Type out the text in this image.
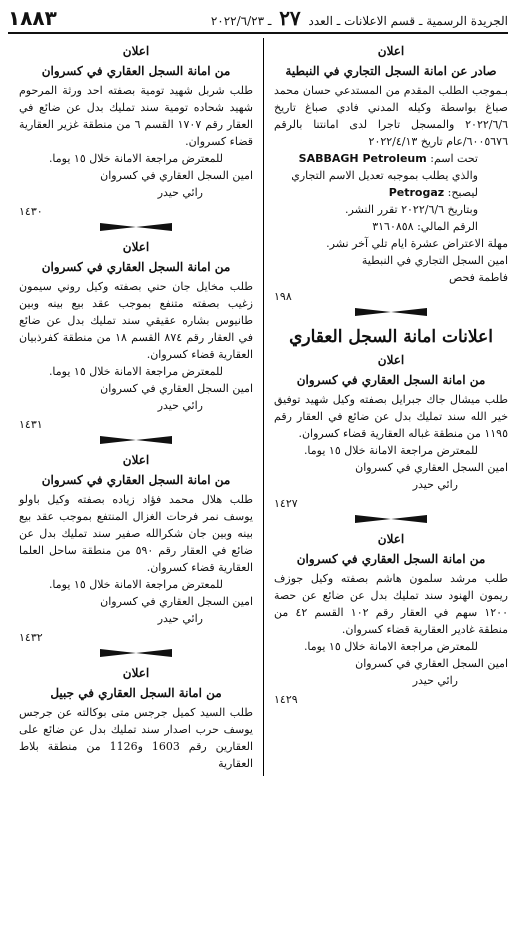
الجريدة الرسمية ـ قسم الاعلانات ـ العدد ٢٧ ـ ٢٠٢٢/٦/٢٣
١٨٨٣
اعلان
صادر عن امانة السجل التجاري في النبطية

بـموجب الطلب المقدم من المستدعي حسان محمد صباغ بواسطة وكيله المدني فادي صباغ تاريخ ٢٠٢٢/٦/٦ والمسجل تاجرا لدى امانتنا بالرقم ٦٠٠٥٦٧٦/عام تاريخ ٢٠٢٢/٤/١٣

تحت اسم: SABBAGH Petroleum

والذي يطلب بموجبه تعديل الاسم التجاري

ليصبح: Petrogaz

وبتاريخ ٢٠٢٢/٦/٦ تقرر النشر.

الرقم المالي: ٣١٦٠٨٥٨

مهلة الاعتراض عشرة ايام تلي آخر نشر.

امين السجل التجاري في النبطية

فاطمة فحص

١٩٨
اعلانات امانة السجل العقاري
اعلان
من امانة السجل العقاري في كسروان

طلب ميشال جاك جبرايل بصفته وكيل شهيد توفيق خير الله سند تمليك بدل عن ضائع في العقار رقم ١١٩٥ من منطقة غباله العقارية قضاء كسروان.

للمعترض مراجعة الامانة خلال ١٥ يوما.

امين السجل العقاري في كسروان

رائي حيدر

١٤٢٧
اعلان
من امانة السجل العقاري في كسروان

طلب مرشد سلمون هاشم بصفته وكيل جوزف ريمون الهنود سند تمليك بدل عن ضائع عن حصة ١٢٠٠ سهم في العقار رقم ١٠٢ القسم ٤٢ من منطقة غادير العقارية قضاء كسروان.

للمعترض مراجعة الامانة خلال ١٥ يوما.

امين السجل العقاري في كسروان

رائي حيدر

١٤٢٩
اعلان
من امانة السجل العقاري في كسروان

طلب شربل شهيد تومية بصفته احد ورثة المرحوم شهيد شحاده تومية سند تمليك بدل عن ضائع في العقار رقم ١٧٠٧ القسم ٦ من منطقة غزير العقارية قضاء كسروان.

للمعترض مراجعة الامانة خلال ١٥ يوما.

امين السجل العقاري في كسروان

رائي حيدر

١٤٣٠
اعلان
من امانة السجل العقاري في كسروان

طلب مخايل جان حني بصفته وكيل روني سيمون زغيب بصفته متنفع بموجب عقد بيع بينه وبين طانيوس بشاره عقيقي سند تمليك بدل عن ضائع في العقار رقم ٨٧٤ القسم ١٨ من منطقة كفرذبيان العقارية قضاء كسروان.

للمعترض مراجعة الامانة خلال ١٥ يوما.

امين السجل العقاري في كسروان

رائي حيدر

١٤٣١
اعلان
من امانة السجل العقاري في كسروان

طلب هلال محمد فؤاد زياده بصفته وكيل باولو يوسف نمر فرحات الغزال المنتفع بموجب عقد بيع بينه وبين جان شكرالله صفير سند تمليك بدل عن ضائع في العقار رقم ٥٩٠ من منطقة ساحل العلما العقارية قضاء كسروان.

للمعترض مراجعة الامانة خلال ١٥ يوما.

امين السجل العقاري في كسروان

رائي حيدر

١٤٣٢
اعلان
من امانة السجل العقاري في جبيل

طلب السيد كميل جرجس متى بوكالته عن جرجس يوسف حرب اصدار سند تمليك بدل عن ضائع على العقارين رقم 1603 و1126 من منطقة بلاط العقارية
